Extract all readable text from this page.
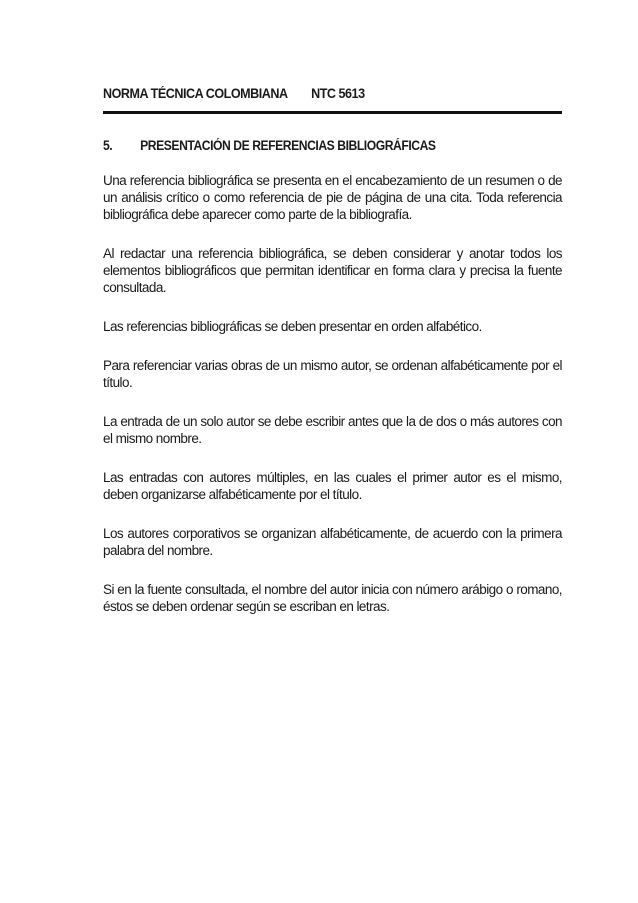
NORMA TÉCNICA COLOMBIANA NTC 5613
5. PRESENTACIÓN DE REFERENCIAS BIBLIOGRÁFICAS

Una referencia bibliográfica se presenta en el encabezamiento de un resumen o de un análisis crítico o como referencia de pie de página de una cita. Toda referencia bibliográfica debe aparecer como parte de la bibliografía.

Al redactar una referencia bibliográfica, se deben considerar y anotar todos los elementos bibliográficos que permitan identificar en forma clara y precisa la fuente consultada.

Las referencias bibliográficas se deben presentar en orden alfabético.

Para referenciar varias obras de un mismo autor, se ordenan alfabéticamente por el título.

La entrada de un solo autor se debe escribir antes que la de dos o más autores con el mismo nombre.

Las entradas con autores múltiples, en las cuales el primer autor es el mismo, deben organizarse alfabéticamente por el título.

Los autores corporativos se organizan alfabéticamente, de acuerdo con la primera palabra del nombre.

Si en la fuente consultada, el nombre del autor inicia con número arábigo o romano, éstos se deben ordenar según se escriban en letras.
